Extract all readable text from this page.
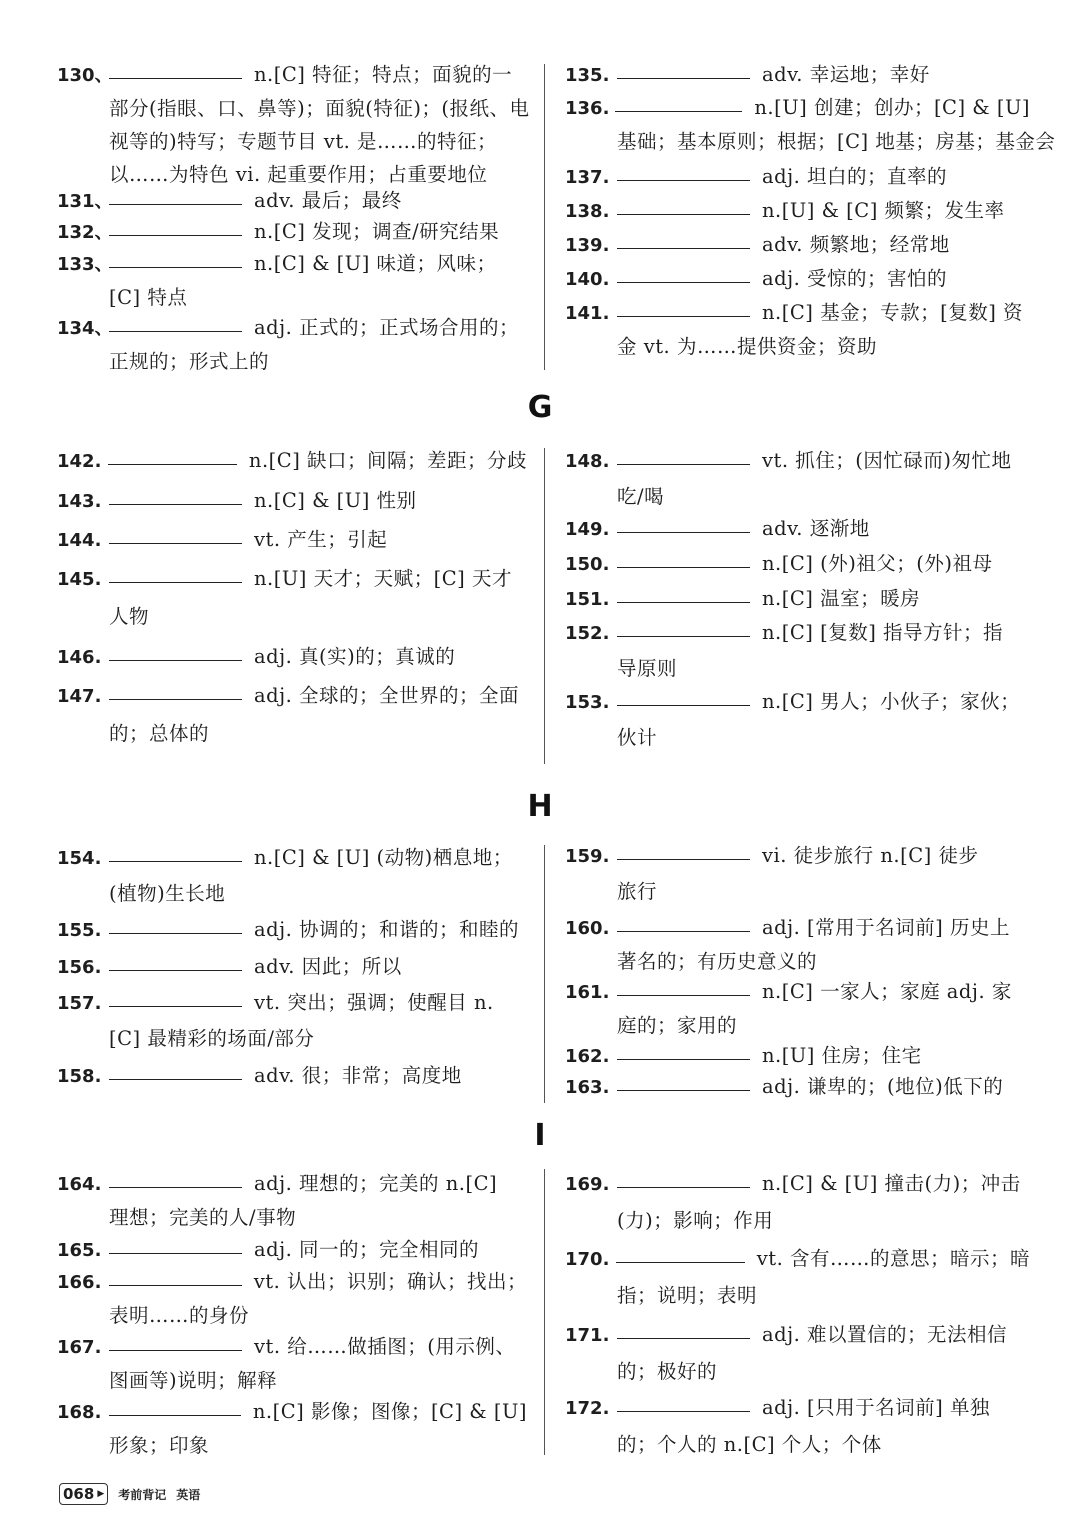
130、	n.[C] 特征；特点；面貌的一
部分(指眼、口、鼻等)；面貌(特征)；(报纸、电
视等的)特写；专题节目 vt. 是……的特征；
以……为特色 vi. 起重要作用；占重要地位
131、	adv. 最后；最终
132、	n.[C] 发现；调查/研究结果
133、	n.[C] & [U] 味道；风味；
[C] 特点
134、	adj. 正式的；正式场合用的；
正规的；形式上的
135.	adv. 幸运地；幸好
136.	n.[U] 创建；创办；[C] & [U]
基础；基本原则；根据；[C] 地基；房基；基金会
137.	adj. 坦白的；直率的
138.	n.[U] & [C] 频繁；发生率
139.	adv. 频繁地；经常地
140.	adj. 受惊的；害怕的
141.	n.[C] 基金；专款；[复数] 资
金 vt. 为……提供资金；资助
G
142.	n.[C] 缺口；间隔；差距；分歧
143.	n.[C] & [U] 性别
144.	vt. 产生；引起
145.	n.[U] 天才；天赋；[C] 天才
人物
146.	adj. 真(实)的；真诚的
147.	adj. 全球的；全世界的；全面
的；总体的
148.	vt. 抓住；(因忙碌而)匆忙地
吃/喝
149.	adv. 逐渐地
150.	n.[C] (外)祖父；(外)祖母
151.	n.[C] 温室；暖房
152.	n.[C] [复数] 指导方针；指
导原则
153.	n.[C] 男人；小伙子；家伙；
伙计
H
154.	n.[C] & [U] (动物)栖息地；
(植物)生长地
155.	adj. 协调的；和谐的；和睦的
156.	adv. 因此；所以
157.	vt. 突出；强调；使醒目 n.
[C] 最精彩的场面/部分
158.	adv. 很；非常；高度地
159.	vi. 徒步旅行 n.[C] 徒步
旅行
160.	adj. [常用于名词前] 历史上
著名的；有历史意义的
161.	n.[C] 一家人；家庭 adj. 家
庭的；家用的
162.	n.[U] 住房；住宅
163.	adj. 谦卑的；(地位)低下的
I
164.	adj. 理想的；完美的 n.[C]
理想；完美的人/事物
165.	adj. 同一的；完全相同的
166.	vt. 认出；识别；确认；找出；
表明……的身份
167.	vt. 给……做插图；(用示例、
图画等)说明；解释
168.	n.[C] 影像；图像；[C] & [U]
形象；印象
169.	n.[C] & [U] 撞击(力)；冲击
(力)；影响；作用
170.	vt. 含有……的意思；暗示；暗
指；说明；表明
171.	adj. 难以置信的；无法相信
的；极好的
172.	adj. [只用于名词前] 单独
的；个人的 n.[C] 个人；个体
068 ▶ 考前背记 英语
